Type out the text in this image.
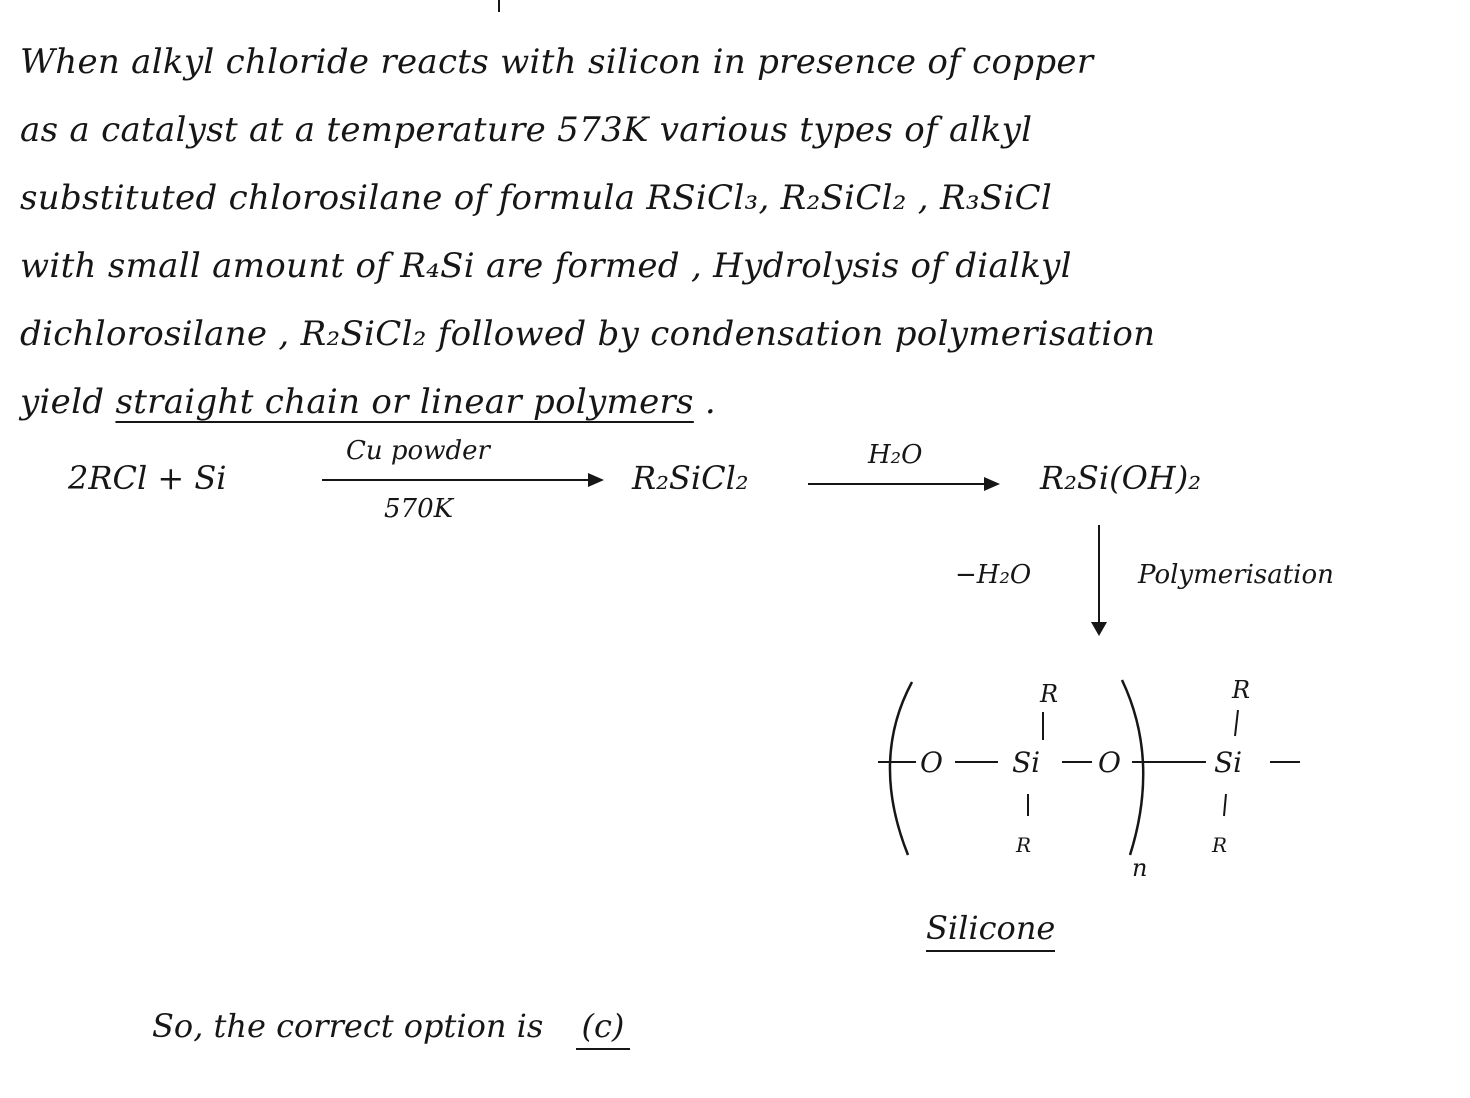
When alkyl chloride reacts with silicon in presence of copper
as a catalyst at a temperature 573K various types of alkyl
substituted chlorosilane of formula RSiCl₃, R₂SiCl₂ , R₃SiCl
with small amount of R₄Si are formed , Hydrolysis of dialkyl
dichlorosilane , R₂SiCl₂ followed by condensation polymerisation
yield straight chain or linear polymers .
2RCl + Si
Cu powder
570K
R₂SiCl₂
H₂O
R₂Si(OH)₂
−H₂O	Polymerisation
O Si
R
R
O
n
Si
R
R
Silicone
So, the correct option is (c)
